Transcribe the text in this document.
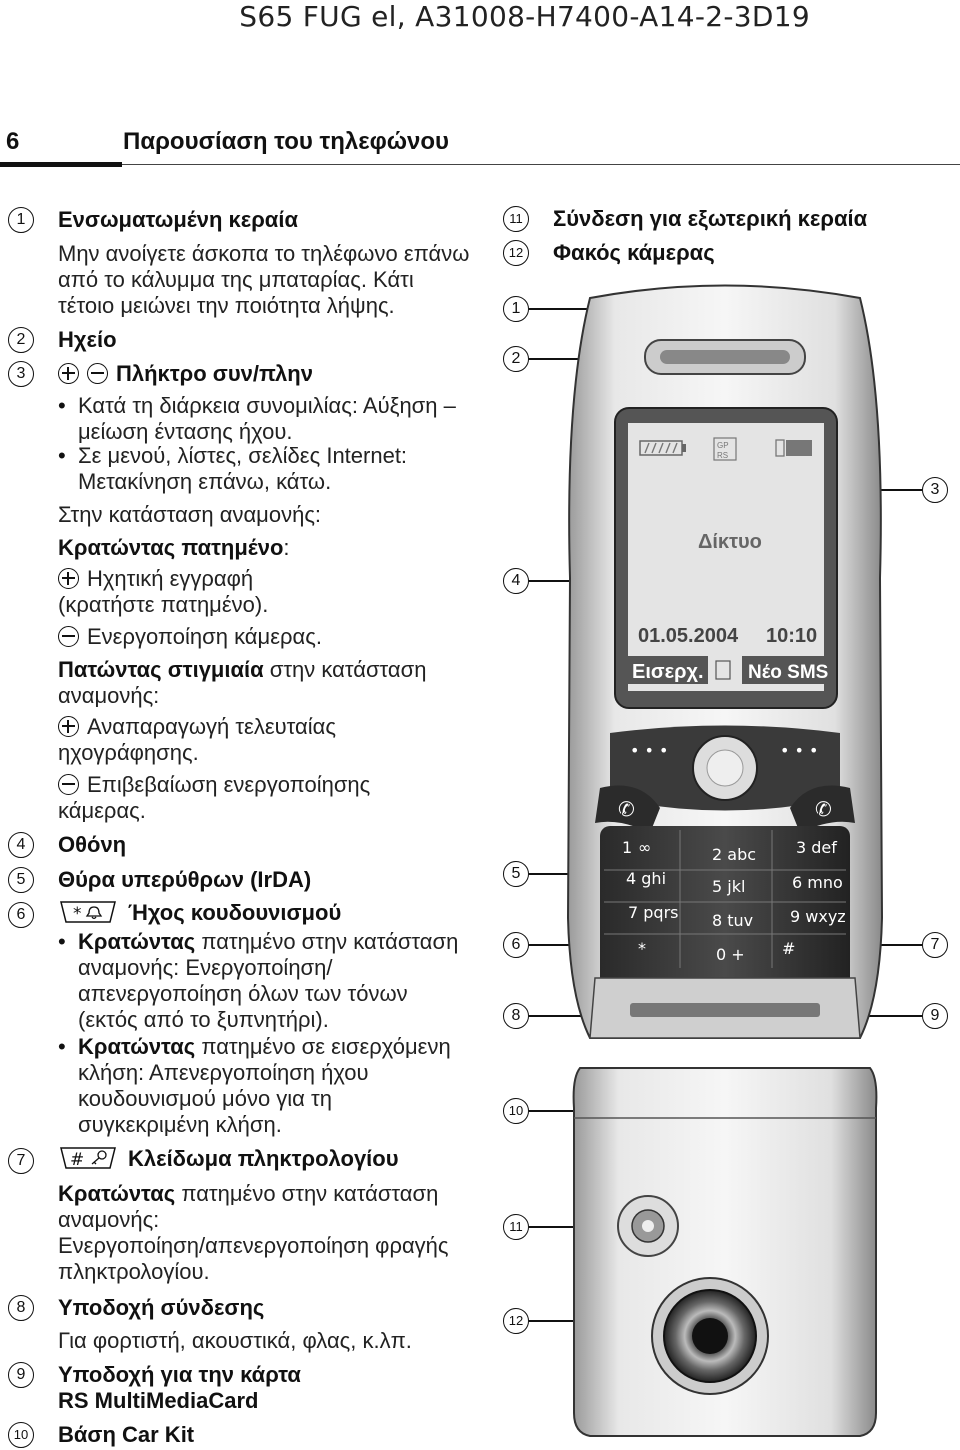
S65 FUG el, A31008-H7400-A14-2-3D19
6	Παρουσίαση του τηλεφώνου
1	Ενσωματωμένη κεραία
Μην ανοίγετε άσκοπα το τηλέφωνο επάνω
από το κάλυμμα της μπαταρίας. Κάτι
τέτοιο μειώνει την ποιότητα λήψης.
2	Ηχείο
3	Πλήκτρο συν/πλην
• Κατά τη διάρκεια συνομιλίας: Αύξηση –
μείωση έντασης ήχου.
• Σε μενού, λίστες, σελίδες Internet:
Μετακίνηση επάνω, κάτω.
Στην κατάσταση αναμονής:
Κρατώντας πατημένο:
Ηχητική εγγραφή
(κρατήστε πατημένο).
Ενεργοποίηση κάμερας.
Πατώντας στιγμιαία στην κατάσταση
αναμονής:
Αναπαραγωγή τελευταίας
ηχογράφησης.
Επιβεβαίωση ενεργοποίησης
κάμερας.
4	Οθόνη
5	Θύρα υπερύθρων (IrDA)
6	* Ήχος κουδουνισμού
• Κρατώντας πατημένο στην κατάσταση
αναμονής: Ενεργοποίηση/
απενεργοποίηση όλων των τόνων
(εκτός από το ξυπνητήρι).
• Κρατώντας πατημένο σε εισερχόμενη
κλήση: Απενεργοποίηση ήχου
κουδουνισμού μόνο για τη
συγκεκριμένη κλήση.
7	# Κλείδωμα πληκτρολογίου
Κρατώντας πατημένο στην κατάσταση
αναμονής:
Ενεργοποίηση/απενεργοποίηση φραγής
πληκτρολογίου.
8	Υποδοχή σύνδεσης
Για φορτιστή, ακουστικά, φλας, κ.λπ.
9	Υποδοχή για την κάρτα
RS MultiMediaCard
10 Βάση Car Kit
11 Σύνδεση για εξωτερική κεραία
12 Φακός κάμερας
1
2
3
4
5
6	7
8	9
10
11
12
GP
RS
Δίκτυο
01.05.2004 10:10
Εισερχ. Νέο SMS
• • •	• • •
✆	✆
1 ∞	2 abc 3 def
4 ghi	5 jkl	6 mno
7 pqrs 8 tuv 9 wxyz
*	0 + #
